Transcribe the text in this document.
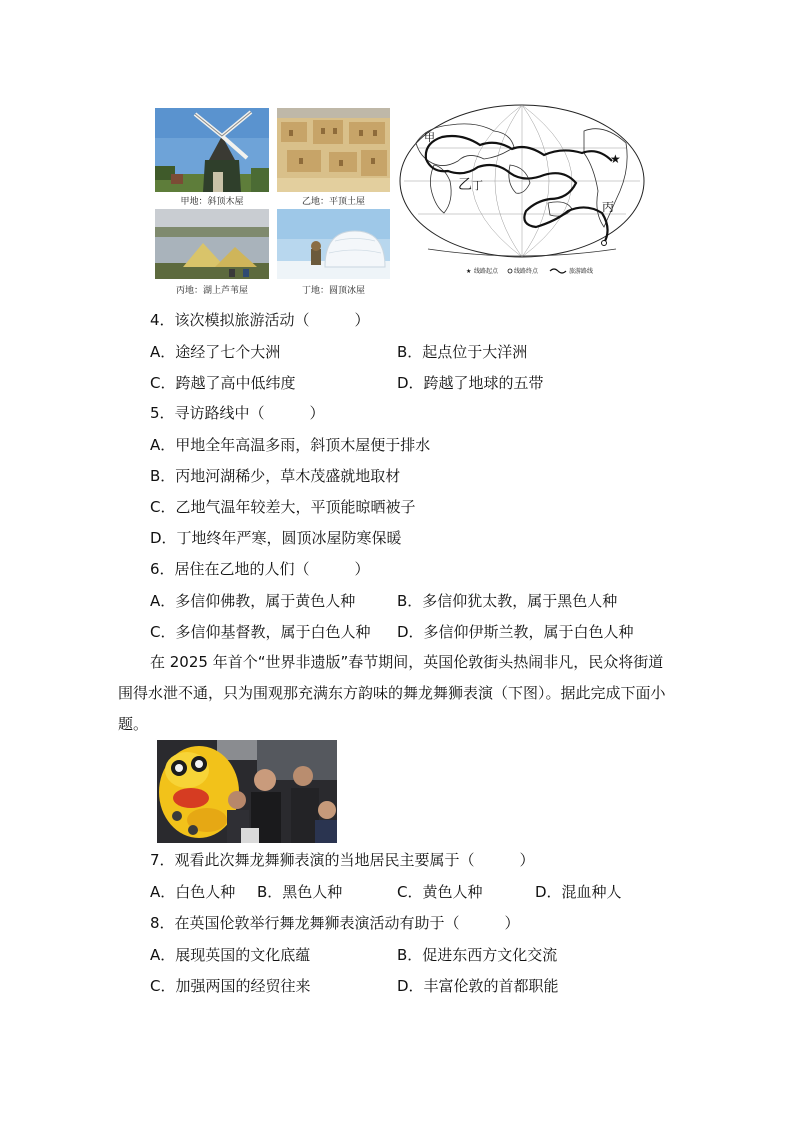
甲地：斜顶木屋	乙地：平顶土屋
丙地：湖上芦苇屋	丁地：圆顶冰屋
★
甲
乙 丁
丙
★ 线路起点	线路终点	旅游路线
4．该次模拟旅游活动（　　　）
A．途经了七个大洲	B．起点位于大洋洲
C．跨越了高中低纬度	D．跨越了地球的五带
5．寻访路线中（　　　）
A．甲地全年高温多雨，斜顶木屋便于排水
B．丙地河湖稀少，草木茂盛就地取材
C．乙地气温年较差大，平顶能晾晒被子
D．丁地终年严寒，圆顶冰屋防寒保暖
6．居住在乙地的人们（　　　）
A．多信仰佛教，属于黄色人种	B．多信仰犹太教，属于黑色人种
C．多信仰基督教，属于白色人种 D．多信仰伊斯兰教，属于白色人种
在 2025 年首个“世界非遗版”春节期间，英国伦敦街头热闹非凡，民众将街道围得水泄不通，只为围观那充满东方韵味的舞龙舞狮表演（下图）。据此完成下面小题。
7．观看此次舞龙舞狮表演的当地居民主要属于（　　　）
A．白色人种 B．黑色人种	C．黄色人种	D．混血种人
8．在英国伦敦举行舞龙舞狮表演活动有助于（　　　）
A．展现英国的文化底蕴	B．促进东西方文化交流
C．加强两国的经贸往来	D．丰富伦敦的首都职能
